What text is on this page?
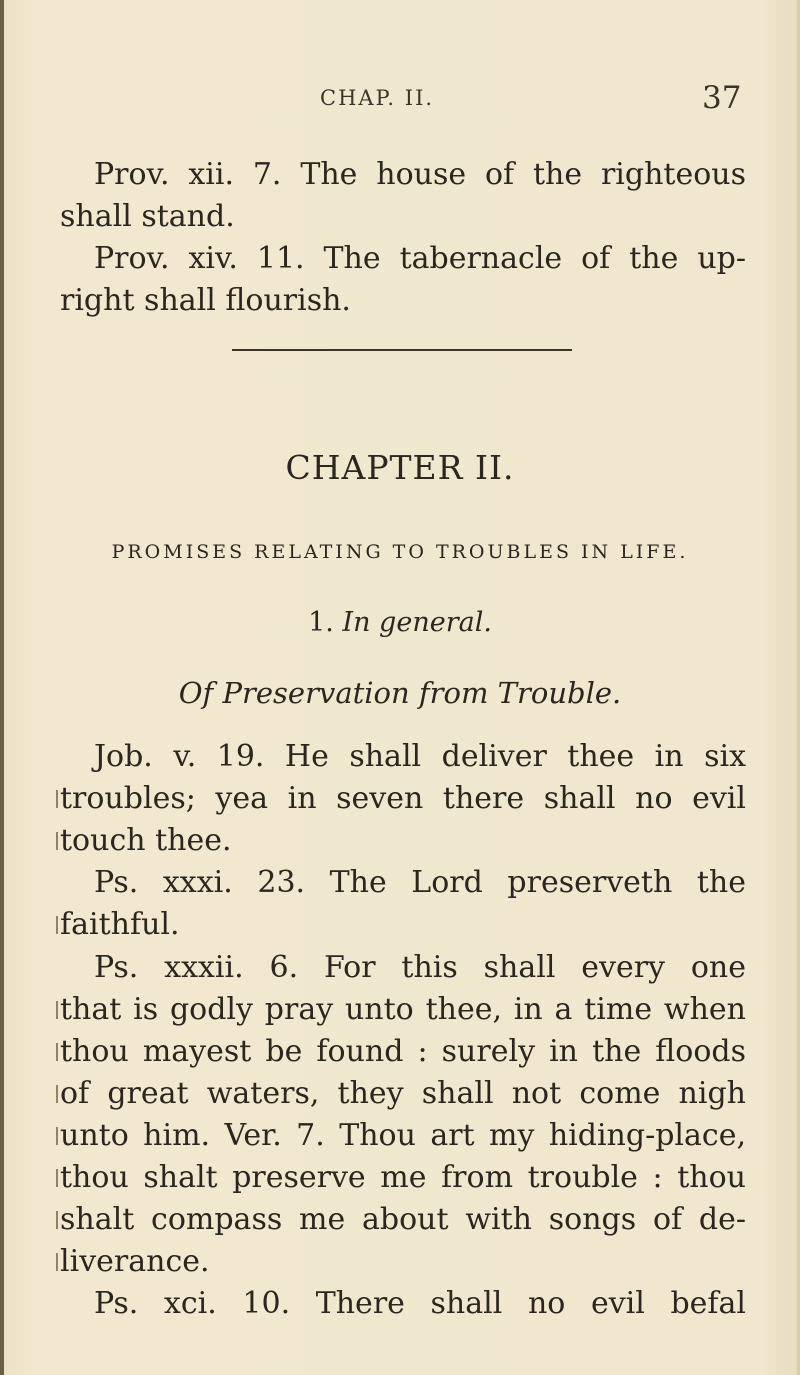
CHAP. II.	37
Prov. xii. 7. The house of the righteous
shall stand.
Prov. xiv. 11. The tabernacle of the up-
right shall flourish.
CHAPTER II.
PROMISES RELATING TO TROUBLES IN LIFE.
1. In general.
Of Preservation from Trouble.
Job. v. 19. He shall deliver thee in six
troubles; yea in seven there shall no evil
touch thee.
Ps. xxxi. 23. The Lord preserveth the
faithful.
Ps. xxxii. 6. For this shall every one
that is godly pray unto thee, in a time when
thou mayest be found : surely in the floods
of great waters, they shall not come nigh
unto him. Ver. 7. Thou art my hiding-place,
thou shalt preserve me from trouble : thou
shalt compass me about with songs of de-
liverance.
Ps. xci. 10. There shall no evil befal
